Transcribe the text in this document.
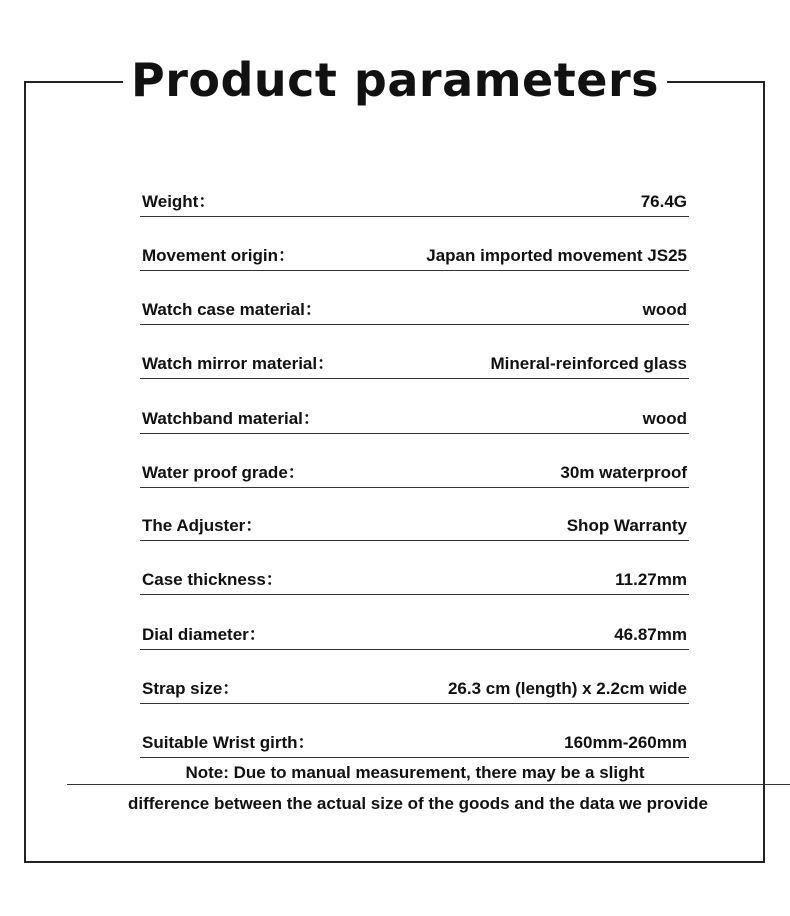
Product parameters
Weight：	76.4G
Movement origin：	Japan imported movement JS25
Watch case material：	wood
Watch mirror material：	Mineral-reinforced glass
Watchband material：	wood
Water proof grade：	30m waterproof
The Adjuster：	Shop Warranty
Case thickness：	11.27mm
Dial diameter：	46.87mm
Strap size：	26.3 cm (length) x 2.2cm wide
Suitable Wrist girth：	160mm-260mm
Note: Due to manual measurement, there may be a slight
difference between the actual size of the goods and the data we provide
